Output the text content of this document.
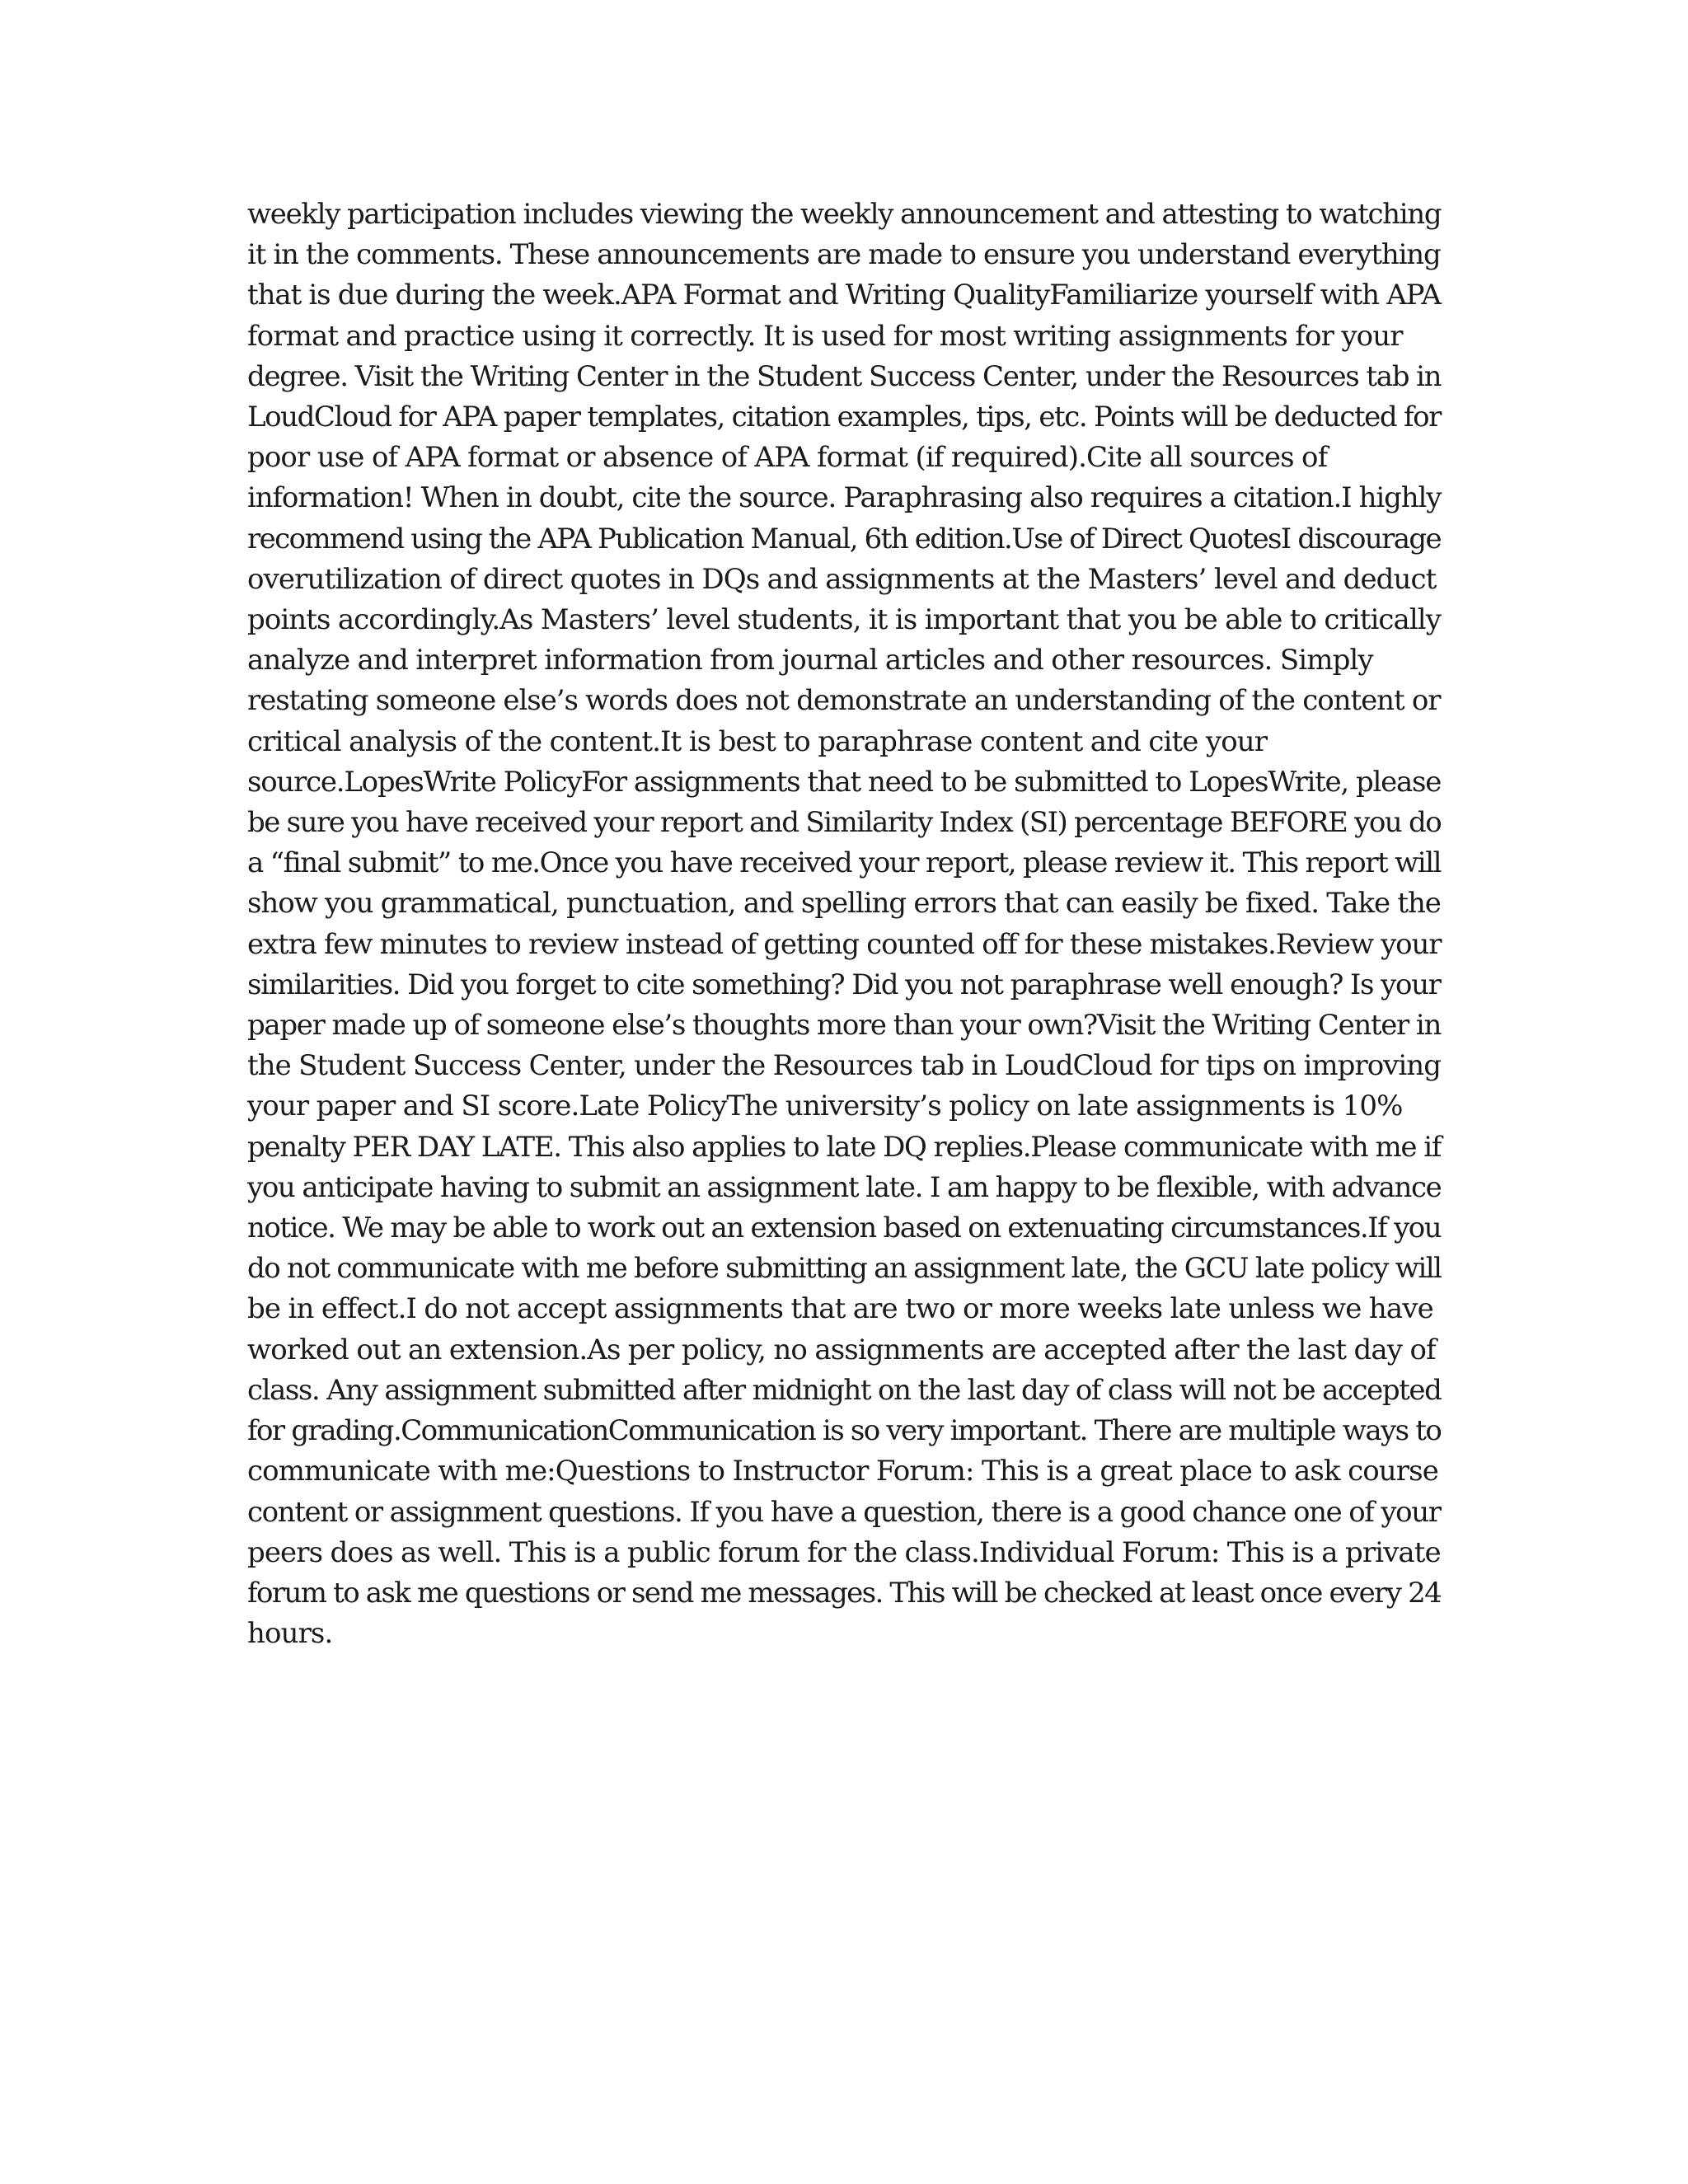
weekly participation includes viewing the weekly announcement and attesting to watching
it in the comments. These announcements are made to ensure you understand everything
that is due during the week.APA Format and Writing QualityFamiliarize yourself with APA
format and practice using it correctly. It is used for most writing assignments for your
degree. Visit the Writing Center in the Student Success Center, under the Resources tab in
LoudCloud for APA paper templates, citation examples, tips, etc. Points will be deducted for
poor use of APA format or absence of APA format (if required).Cite all sources of
information! When in doubt, cite the source. Paraphrasing also requires a citation.I highly
recommend using the APA Publication Manual, 6th edition.Use of Direct QuotesI discourage
overutilization of direct quotes in DQs and assignments at the Masters’ level and deduct
points accordingly.As Masters’ level students, it is important that you be able to critically
analyze and interpret information from journal articles and other resources. Simply
restating someone else’s words does not demonstrate an understanding of the content or
critical analysis of the content.It is best to paraphrase content and cite your
source.LopesWrite PolicyFor assignments that need to be submitted to LopesWrite, please
be sure you have received your report and Similarity Index (SI) percentage BEFORE you do
a “final submit” to me.Once you have received your report, please review it. This report will
show you grammatical, punctuation, and spelling errors that can easily be fixed. Take the
extra few minutes to review instead of getting counted off for these mistakes.Review your
similarities. Did you forget to cite something? Did you not paraphrase well enough? Is your
paper made up of someone else’s thoughts more than your own?Visit the Writing Center in
the Student Success Center, under the Resources tab in LoudCloud for tips on improving
your paper and SI score.Late PolicyThe university’s policy on late assignments is 10%
penalty PER DAY LATE. This also applies to late DQ replies.Please communicate with me if
you anticipate having to submit an assignment late. I am happy to be flexible, with advance
notice. We may be able to work out an extension based on extenuating circumstances.If you
do not communicate with me before submitting an assignment late, the GCU late policy will
be in effect.I do not accept assignments that are two or more weeks late unless we have
worked out an extension.As per policy, no assignments are accepted after the last day of
class. Any assignment submitted after midnight on the last day of class will not be accepted
for grading.CommunicationCommunication is so very important. There are multiple ways to
communicate with me:Questions to Instructor Forum: This is a great place to ask course
content or assignment questions. If you have a question, there is a good chance one of your
peers does as well. This is a public forum for the class.Individual Forum: This is a private
forum to ask me questions or send me messages. This will be checked at least once every 24
hours.
